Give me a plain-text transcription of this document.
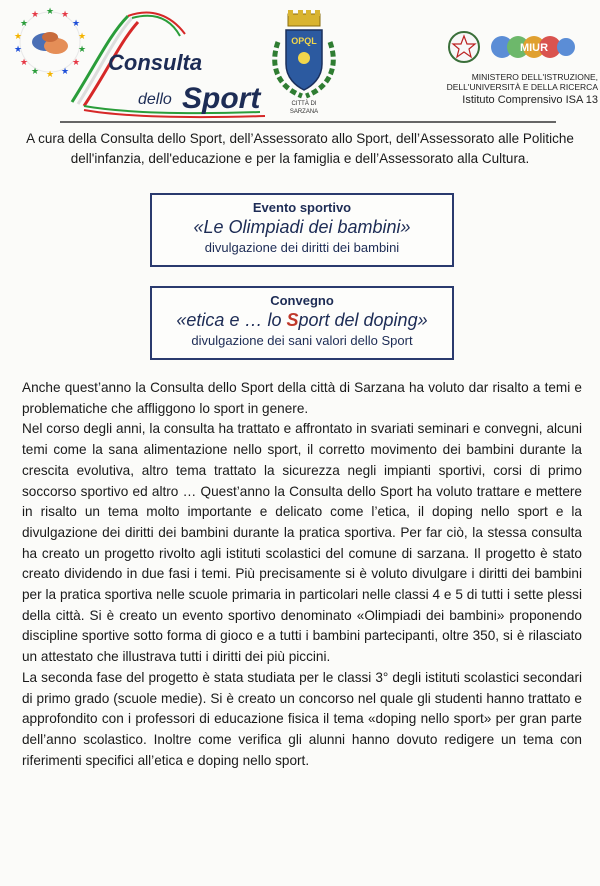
★ ★
★
★
★
★
★
★
★
★
★
★
★
★
Consulta
dello Sport
OPQL
CITTÀ DI
SARZANA
MIUR
MINISTERO DELL'ISTRUZIONE,
DELL'UNIVERSITÀ E DELLA RICERCA
Istituto Comprensivo ISA 13
A cura della Consulta dello Sport, dell’Assessorato allo Sport, dell’Assessorato alle Politiche dell'infanzia, dell'educazione e per la famiglia e dell’Assessorato alla Cultura.
Evento sportivo
«Le Olimpiadi dei bambini»
divulgazione dei diritti dei bambini
Convegno
«etica e … lo Sport del doping»
divulgazione dei sani valori dello Sport

Anche quest’anno la Consulta dello Sport della città di Sarzana ha voluto dar risalto a temi e problematiche che affliggono lo sport in genere.

Nel corso degli anni, la consulta ha trattato e affrontato in svariati seminari e convegni, alcuni temi come la sana alimentazione nello sport, il corretto movimento dei bambini durante la crescita evolutiva, altro tema trattato la sicurezza negli impianti sportivi, corsi di primo soccorso sportivo ed altro … Quest’anno la Consulta dello Sport ha voluto trattare e mettere in risalto un tema molto importante e delicato come l’etica, il doping nello sport e la divulgazione dei diritti dei bambini durante la pratica sportiva. Per far ciò, la stessa consulta ha creato un progetto rivolto agli istituti scolastici del comune di sarzana. Il progetto è stato creato dividendo in due fasi i temi. Più precisamente si è voluto divulgare i diritti dei bambini per la pratica sportiva nelle scuole primaria in particolari nelle classi 4 e 5 di tutti i sette plessi della città. Si è creato un evento sportivo denominato «Olimpiadi dei bambini» proponendo discipline sportive sotto forma di gioco e a tutti i bambini partecipanti, oltre 350, si è rilasciato un attestato che illustrava tutti i diritti dei più piccini.

La seconda fase del progetto è stata studiata per le classi 3° degli istituti scolastici secondari di primo grado (scuole medie). Si è creato un concorso nel quale gli studenti hanno trattato e approfondito con i professori di educazione fisica il tema «doping nello sport» per gran parte dell’anno scolastico. Inoltre come verifica gli alunni hanno dovuto redigere un tema con riferimenti specifici all’etica e doping nello sport.
